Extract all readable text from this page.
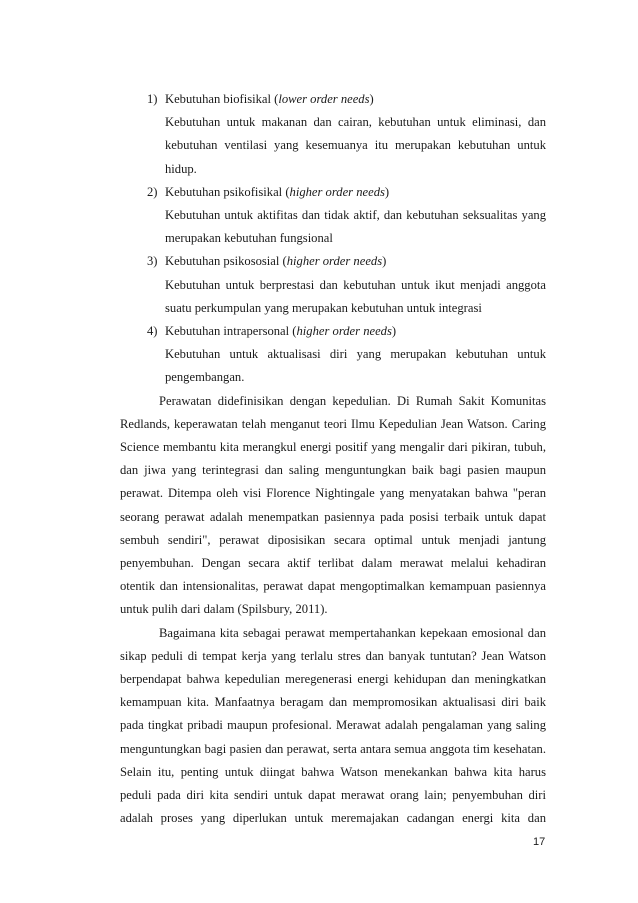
1) Kebutuhan biofisikal (lower order needs)
Kebutuhan untuk makanan dan cairan, kebutuhan untuk eliminasi, dan
kebutuhan ventilasi yang kesemuanya itu merupakan kebutuhan untuk
hidup.
2) Kebutuhan psikofisikal (higher order needs)
Kebutuhan untuk aktifitas dan tidak aktif, dan kebutuhan seksualitas yang
merupakan kebutuhan fungsional
3) Kebutuhan psikososial (higher order needs)
Kebutuhan untuk berprestasi dan kebutuhan untuk ikut menjadi anggota
suatu perkumpulan yang merupakan kebutuhan untuk integrasi
4) Kebutuhan intrapersonal (higher order needs)
Kebutuhan untuk aktualisasi diri yang merupakan kebutuhan untuk
pengembangan.
Perawatan didefinisikan dengan kepedulian. Di Rumah Sakit Komunitas
Redlands, keperawatan telah menganut teori Ilmu Kepedulian Jean Watson. Caring
Science membantu kita merangkul energi positif yang mengalir dari pikiran, tubuh,
dan jiwa yang terintegrasi dan saling menguntungkan baik bagi pasien maupun
perawat. Ditempa oleh visi Florence Nightingale yang menyatakan bahwa "peran
seorang perawat adalah menempatkan pasiennya pada posisi terbaik untuk dapat
sembuh sendiri", perawat diposisikan secara optimal untuk menjadi jantung
penyembuhan. Dengan secara aktif terlibat dalam merawat melalui kehadiran
otentik dan intensionalitas, perawat dapat mengoptimalkan kemampuan pasiennya
untuk pulih dari dalam (Spilsbury, 2011).
Bagaimana kita sebagai perawat mempertahankan kepekaan emosional dan
sikap peduli di tempat kerja yang terlalu stres dan banyak tuntutan? Jean Watson
berpendapat bahwa kepedulian meregenerasi energi kehidupan dan meningkatkan
kemampuan kita. Manfaatnya beragam dan mempromosikan aktualisasi diri baik
pada tingkat pribadi maupun profesional. Merawat adalah pengalaman yang saling
menguntungkan bagi pasien dan perawat, serta antara semua anggota tim kesehatan.
Selain itu, penting untuk diingat bahwa Watson menekankan bahwa kita harus
peduli pada diri kita sendiri untuk dapat merawat orang lain; penyembuhan diri
adalah proses yang diperlukan untuk meremajakan cadangan energi kita dan
17
